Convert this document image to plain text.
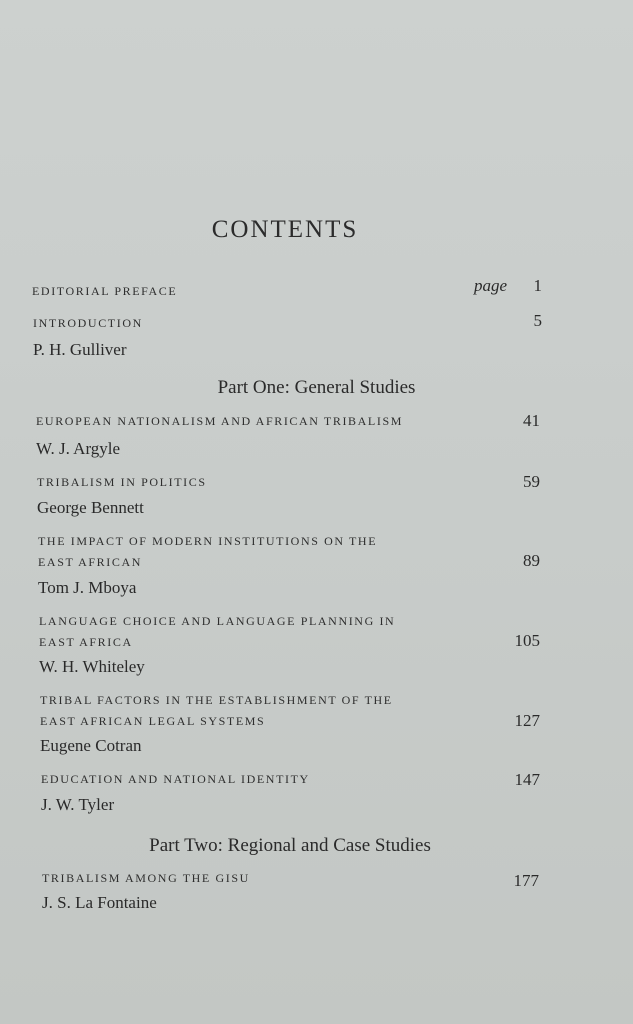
CONTENTS
EDITORIAL PREFACE	page	1
INTRODUCTION	5
P. H. Gulliver
Part One: General Studies
EUROPEAN NATIONALISM AND AFRICAN TRIBALISM	41
W. J. Argyle
TRIBALISM IN POLITICS	59
George Bennett
THE IMPACT OF MODERN INSTITUTIONS ON THE
EAST AFRICAN	89
Tom J. Mboya
LANGUAGE CHOICE AND LANGUAGE PLANNING IN
EAST AFRICA	105
W. H. Whiteley
TRIBAL FACTORS IN THE ESTABLISHMENT OF THE
EAST AFRICAN LEGAL SYSTEMS	127
Eugene Cotran
EDUCATION AND NATIONAL IDENTITY	147
J. W. Tyler
Part Two: Regional and Case Studies
TRIBALISM AMONG THE GISU	177
J. S. La Fontaine
